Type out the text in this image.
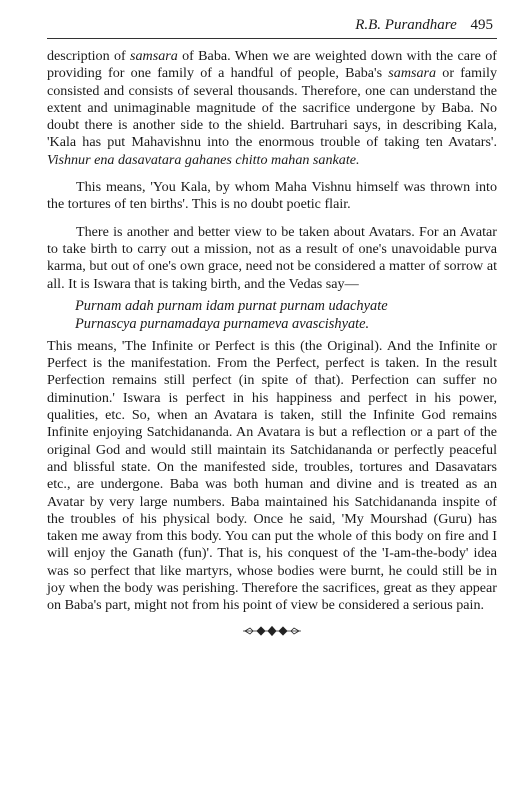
R.B. Purandhare 495

description of samsara of Baba. When we are weighted down with the care of providing for one family of a handful of people, Baba's samsara or family consisted and consists of several thousands. Therefore, one can understand the extent and unimaginable magnitude of the sacrifice undergone by Baba. No doubt there is another side to the shield. Bartruhari says, in describing Kala, 'Kala has put Mahavishnu into the enormous trouble of taking ten Avatars'. Vishnur ena dasavatara gahanes chitto mahan sankate.

This means, 'You Kala, by whom Maha Vishnu himself was thrown into the tortures of ten births'. This is no doubt poetic flair.

There is another and better view to be taken about Avatars. For an Avatar to take birth to carry out a mission, not as a result of one's unavoidable purva karma, but out of one's own grace, need not be considered a matter of sorrow at all. It is Iswara that is taking birth, and the Vedas say—

Purnam adah purnam idam purnat purnam udachyate
Purnascya purnamadaya purnameva avascishyate.

This means, 'The Infinite or Perfect is this (the Original). And the Infinite or Perfect is the manifestation. From the Perfect, perfect is taken. In the result Perfection remains still perfect (in spite of that). Perfection can suffer no diminution.' Iswara is perfect in his happiness and perfect in his power, qualities, etc. So, when an Avatara is taken, still the Infinite God remains Infinite enjoying Satchidananda. An Avatara is but a reflection or a part of the original God and would still maintain its Satchidananda or perfectly peaceful and blissful state. On the manifested side, troubles, tortures and Dasavatars etc., are undergone. Baba was both human and divine and is treated as an Avatar by very large numbers. Baba maintained his Satchidananda inspite of the troubles of his physical body. Once he said, 'My Mourshad (Guru) has taken me away from this body. You can put the whole of this body on fire and I will enjoy the Ganath (fun)'. That is, his conquest of the 'I-am-the-body' idea was so perfect that like martyrs, whose bodies were burnt, he could still be in joy when the body was perishing. Therefore the sacrifices, great as they appear on Baba's part, might not from his point of view be considered a serious pain.
